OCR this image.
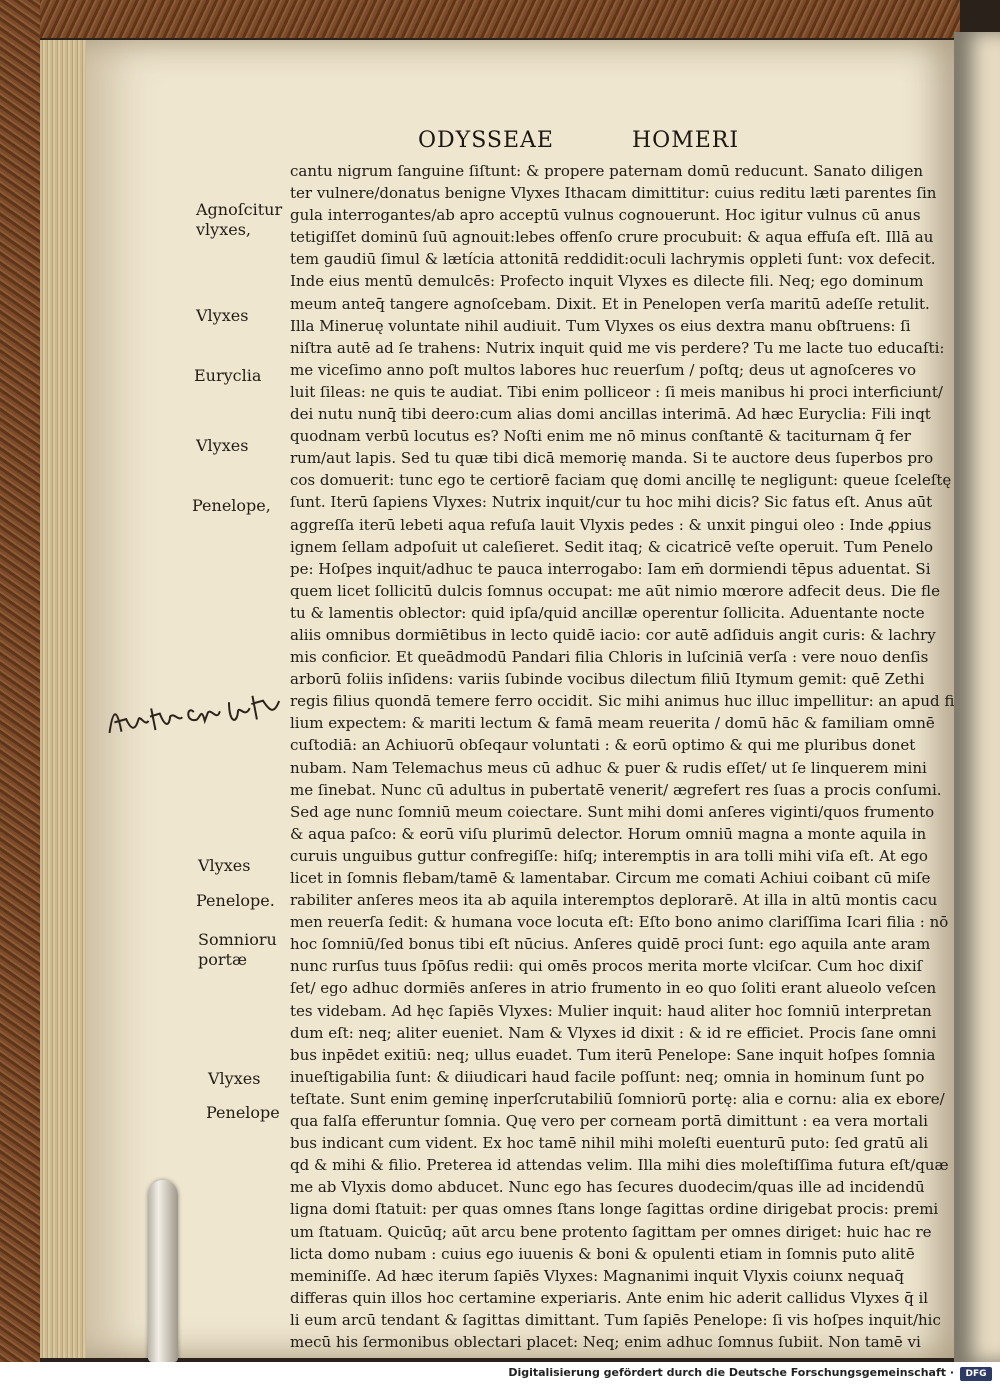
ODYSSEAE	HOMERI
cantu nigrum ſanguine ſiſtunt: & propere paternam domū reducunt. Sanato diligen
ter vulnere/donatus benigne Vlyxes Ithacam dimittitur: cuius reditu læti parentes ſin
gula interrogantes/ab apro acceptū vulnus cognouerunt. Hoc igitur vulnus cū anus
tetigiſſet dominū ſuū agnouit:lebes offenſo crure procubuit: & aqua effuſa eſt. Illā au
tem gaudiū ſimul & lætícia attonitā reddidit:oculi lachrymis oppleti ſunt: vox defecit.
Inde eius mentū demulcēs: Profecto inquit Vlyxes es dilecte fili. Neq; ego dominum
meum anteq̄ tangere agnoſcebam. Dixit. Et in Penelopen verſa maritū adeſſe retulit.
Illa Mineruę voluntate nihil audiuit. Tum Vlyxes os eius dextra manu obſtruens: ſi
niſtra autē ad ſe trahens: Nutrix inquit quid me vis perdere? Tu me lacte tuo educaſti:
me viceſimo anno poſt multos labores huc reuerſum / poſtq; deus ut agnoſceres vo
luit ſileas: ne quis te audiat. Tibi enim polliceor : ſi meis manibus hi proci interficiunt/
dei nutu nunq̄ tibi deero:cum alias domi ancillas interimā. Ad hæc Euryclia: Fili inqt
quodnam verbū locutus es? Noſti enim me nō minus conſtantē & taciturnam q̄ fer
rum/aut lapis. Sed tu quæ tibi dicā memorię manda. Si te auctore deus ſuperbos pro
cos domuerit: tunc ego te certiorē faciam quę domi ancillę te negligunt: queue ſceleſtę
ſunt. Iterū ſapiens Vlyxes: Nutrix inquit/cur tu hoc mihi dicis? Sic fatus eſt. Anus aūt
aggreſſa iterū lebeti aqua refuſa lauit Vlyxis pedes : & unxit pingui oleo : Inde ꝓpius
ignem ſellam adpoſuit ut caleſieret. Sedit itaq; & cicatricē veſte operuit. Tum Penelo
pe: Hoſpes inquit/adhuc te pauca interrogabo: Iam em̄ dormiendi tēpus aduentat. Si
quem licet ſollicitū dulcis ſomnus occupat: me aūt nimio mœrore adfecit deus. Die fle
tu & lamentis oblector: quid ipſa/quid ancillæ operentur ſollicita. Aduentante nocte
aliis omnibus dormiētibus in lecto quidē iacio: cor autē adſiduis angit curis: & lachry
mis conficior. Et queādmodū Pandari filia Chloris in luſciniā verſa : vere nouo denſis
arborū foliis inſidens: variis ſubinde vocibus dilectum filiū Itymum gemit: quē Zethi
regis filius quondā temere ferro occidit. Sic mihi animus huc illuc impellitur: an apud fi
lium expectem: & mariti lectum & famā meam reuerita / domū hāc & familiam omnē
cuſtodiā: an Achiuorū obſeqaur voluntati : & eorū optimo & qui me pluribus donet
nubam. Nam Telemachus meus cū adhuc & puer & rudis eſſet/ ut ſe linquerem mini
me ſinebat. Nunc cū adultus in pubertatē venerit/ ægrefert res ſuas a procis conſumi.
Sed age nunc ſomniū meum coiectare. Sunt mihi domi anſeres viginti/quos frumento
& aqua paſco: & eorū viſu plurimū delector. Horum omniū magna a monte aquila in
curuis unguibus guttur confregiſſe: hiſq; interemptis in ara tolli mihi viſa eſt. At ego
licet in ſomnis flebam/tamē & lamentabar. Circum me comati Achiui coibant cū miſe
rabiliter anſeres meos ita ab aquila interemptos deplorarē. At illa in altū montis cacu
men reuerſa ſedit: & humana voce locuta eſt: Eſto bono animo clariſſima Icari filia : nō
hoc ſomniū/ſed bonus tibi eſt nūcius. Anſeres quidē proci ſunt: ego aquila ante aram
nunc rurſus tuus ſpōſus redii: qui omēs procos merita morte vlciſcar. Cum hoc dixiſ
ſet/ ego adhuc dormiēs anſeres in atrio frumento in eo quo ſoliti erant alueolo veſcen
tes videbam. Ad hęc ſapiēs Vlyxes: Mulier inquit: haud aliter hoc ſomniū interpretan
dum eſt: neq; aliter eueniet. Nam & Vlyxes id dixit : & id re efficiet. Procis ſane omni
bus inpēdet exitiū: neq; ullus euadet. Tum iterū Penelope: Sane inquit hoſpes ſomnia
inueſtigabilia ſunt: & diiudicari haud facile poſſunt: neq; omnia in hominum ſunt po
teſtate. Sunt enim geminę inperſcrutabiliū ſomniorū portę: alia e cornu: alia ex ebore/
qua falſa efferuntur ſomnia. Quę vero per corneam portā dimittunt : ea vera mortali
bus indicant cum vident. Ex hoc tamē nihil mihi moleſti euenturū puto: ſed gratū ali
qd & mihi & filio. Preterea id attendas velim. Illa mihi dies moleſtiſſima futura eſt/quæ
me ab Vlyxis domo abducet. Nunc ego has ſecures duodecim/quas ille ad incidendū
ligna domi ſtatuit: per quas omnes ſtans longe ſagittas ordine dirigebat procis: premi
um ſtatuam. Quicūq; aūt arcu bene protento ſagittam per omnes diriget: huic hac re
licta domo nubam : cuius ego iuuenis & boni & opulenti etiam in ſomnis puto alitē
meminiſſe. Ad hæc iterum ſapiēs Vlyxes: Magnanimi inquit Vlyxis coiunx nequaq̄
differas quin illos hoc certamine experiaris. Ante enim hic aderit callidus Vlyxes q̄ il
li eum arcū tendant & ſagittas dimittant. Tum ſapiēs Penelope: ſi vis hoſpes inquit/hic
mecū his ſermonibus oblectari placet: Neq; enim adhuc ſomnus ſubiit. Non tamē vi
Agnoſcitur
vlyxes,
Vlyxes
Euryclia
Vlyxes
Penelope,
Vlyxes
Penelope.
Somnioru
portæ
Vlyxes
Penelope
Digitalisierung gefördert durch die Deutsche Forschungsgemeinschaft ·	DFG
